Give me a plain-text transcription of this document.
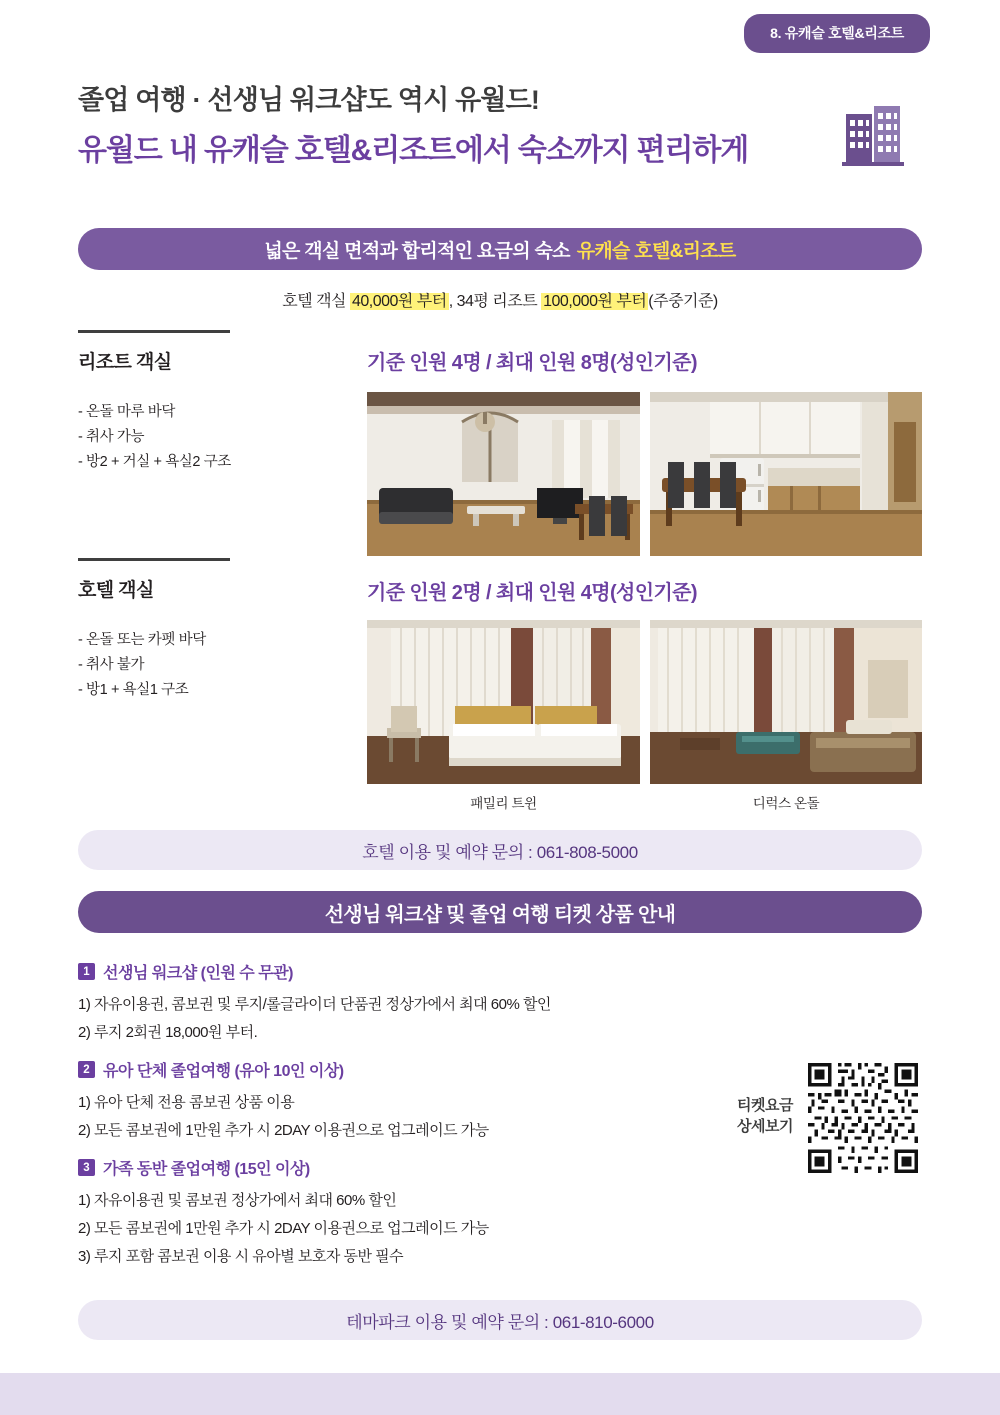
8. 유캐슬 호텔&리조트
졸업 여행 · 선생님 워크샵도 역시 유월드!
유월드 내 유캐슬 호텔&리조트에서 숙소까지 편리하게
넓은 객실 면적과 합리적인 요금의 숙소 유캐슬 호텔&리조트
호텔 객실 40,000원 부터 , 34평 리조트 100,000원 부터 (주중기준)
리조트 객실
- 온돌 마루 바닥
- 취사 가능
- 방2 + 거실 + 욕실2 구조
기준 인원 4명 / 최대 인원 8명(성인기준)
호텔 객실
- 온돌 또는 카펫 바닥
- 취사 불가
- 방1 + 욕실1 구조
기준 인원 2명 / 최대 인원 4명(성인기준)
패밀리 트윈	디럭스 온돌
호텔 이용 및 예약 문의 : 061-808-5000
선생님 워크샵 및 졸업 여행 티켓 상품 안내
1 선생님 워크샵 (인원 수 무관)
1) 자유이용권, 콤보권 및 루지/롤글라이더 단품권 정상가에서 최대 60% 할인
2) 루지 2회권 18,000원 부터.
2 유아 단체 졸업여행 (유아 10인 이상)
1) 유아 단체 전용 콤보권 상품 이용
2) 모든 콤보권에 1만원 추가 시 2DAY 이용권으로 업그레이드 가능
3 가족 동반 졸업여행 (15인 이상)
1) 자유이용권 및 콤보권 정상가에서 최대 60% 할인
2) 모든 콤보권에 1만원 추가 시 2DAY 이용권으로 업그레이드 가능
3) 루지 포함 콤보권 이용 시 유아별 보호자 동반 필수
티켓요금
상세보기
테마파크 이용 및 예약 문의 : 061-810-6000
